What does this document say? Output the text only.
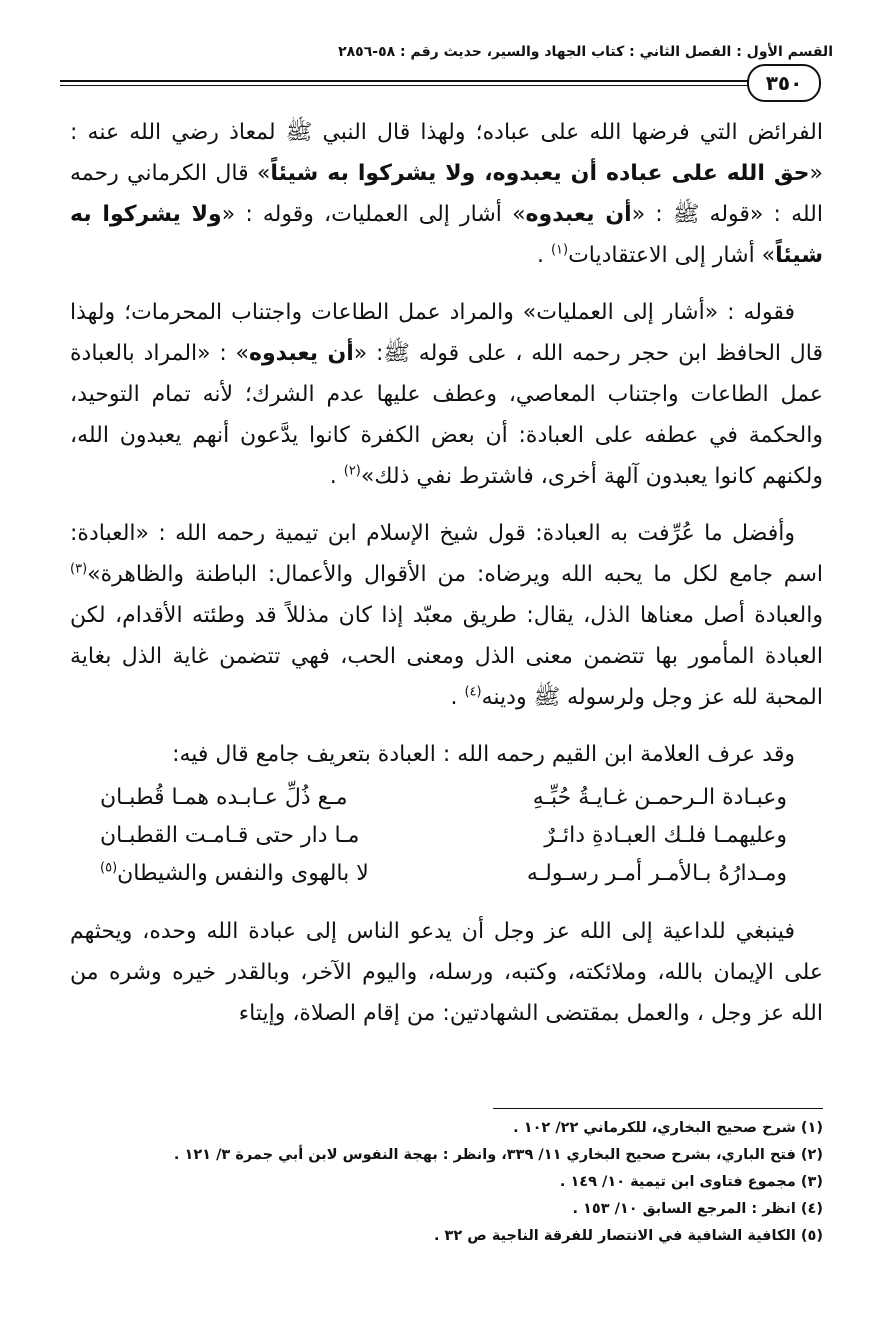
القسم الأول : الفصل الثاني : كتاب الجهاد والسير، حديث رقم : ٥٨-٢٨٥٦
٣٥٠

الفرائض التي فرضها الله على عباده؛ ولهذا قال النبي ﷺ لمعاذ رضي الله عنه : «حق الله على عباده أن يعبدوه، ولا يشركوا به شيئاً» قال الكرماني رحمه الله : «قوله ﷺ : «أن يعبدوه» أشار إلى العمليات، وقوله : «ولا يشركوا به شيئاً» أشار إلى الاعتقاديات$^{(١)}$ .

فقوله : «أشار إلى العمليات» والمراد عمل الطاعات واجتناب المحرمات؛ ولهذا قال الحافظ ابن حجر رحمه الله ، على قوله ﷺ: «أن يعبدوه» : «المراد بالعبادة عمل الطاعات واجتناب المعاصي، وعطف عليها عدم الشرك؛ لأنه تمام التوحيد، والحكمة في عطفه على العبادة: أن بعض الكفرة كانوا يدَّعون أنهم يعبدون الله، ولكنهم كانوا يعبدون آلهة أخرى، فاشترط نفي ذلك»$^{(٢)}$ .

وأفضل ما عُرِّفت به العبادة: قول شيخ الإسلام ابن تيمية رحمه الله : «العبادة: اسم جامع لكل ما يحبه الله ويرضاه: من الأقوال والأعمال: الباطنة والظاهرة»$^{(٣)}$ والعبادة أصل معناها الذل، يقال: طريق معبّد إذا كان مذللاً قد وطئته الأقدام، لكن العبادة المأمور بها تتضمن معنى الذل ومعنى الحب، فهي تتضمن غاية الذل بغاية المحبة لله عز وجل ولرسوله ﷺ ودينه$^{(٤)}$ .

وقد عرف العلامة ابن القيم رحمه الله : العبادة بتعريف جامع قال فيه:

وعبـادة الـرحمـن غـايـةُ حُبِّـهِ
مـع ذُلِّ عـابـده همـا قُطبـان
وعليهمـا فلـك العبـادةِ دائـرٌ
مـا دار حتى قـامـت القطبـان
ومـدارُهُ بـالأمـر أمـر رسـولـه
لا بالهوى والنفس والشيطان$^{(٥)}$

فينبغي للداعية إلى الله عز وجل أن يدعو الناس إلى عبادة الله وحده، ويحثهم على الإيمان بالله، وملائكته، وكتبه، ورسله، واليوم الآخر، وبالقدر خيره وشره من الله عز وجل ، والعمل بمقتضى الشهادتين: من إقام الصلاة، وإيتاء

(١) شرح صحيح البخاري، للكرماني ٢٢/ ١٠٢ .
(٢) فتح الباري، بشرح صحيح البخاري ١١/ ٣٣٩، وانظر : بهجة النفوس لابن أبي جمرة ٣/ ١٢١ .
(٣) مجموع فتاوى ابن تيمية ١٠/ ١٤٩ .
(٤) انظر : المرجع السابق ١٠/ ١٥٣ .
(٥) الكافية الشافية في الانتصار للفرقة الناجية ص ٣٢ .
